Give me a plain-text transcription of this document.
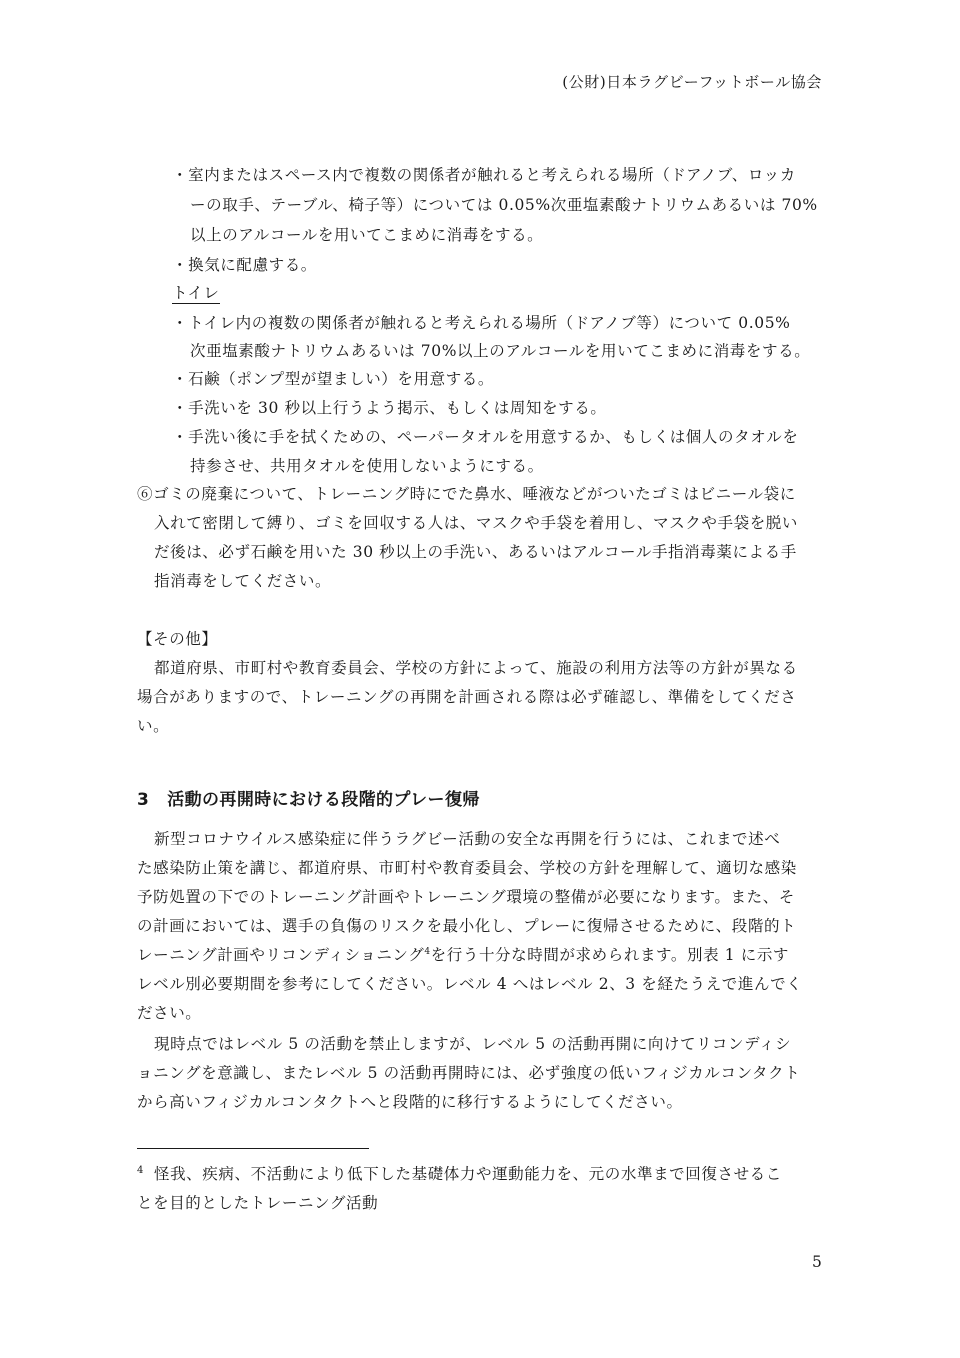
(公財)日本ラグビーフットボール協会
・室内またはスペース内で複数の関係者が触れると考えられる場所（ドアノブ、ロッカ
ーの取手、テーブル、椅子等）については 0.05%次亜塩素酸ナトリウムあるいは 70%
以上のアルコールを用いてこまめに消毒をする。
・換気に配慮する。
トイレ
・トイレ内の複数の関係者が触れると考えられる場所（ドアノブ等）について 0.05%
次亜塩素酸ナトリウムあるいは 70%以上のアルコールを用いてこまめに消毒をする。
・石鹸（ポンプ型が望ましい）を用意する。
・手洗いを 30 秒以上行うよう掲示、もしくは周知をする。
・手洗い後に手を拭くための、ペーパータオルを用意するか、もしくは個人のタオルを
持参させ、共用タオルを使用しないようにする。
⑥ゴミの廃棄について、トレーニング時にでた鼻水、唾液などがついたゴミはビニール袋に
入れて密閉して縛り、ゴミを回収する人は、マスクや手袋を着用し、マスクや手袋を脱い
だ後は、必ず石鹸を用いた 30 秒以上の手洗い、あるいはアルコール手指消毒薬による手
指消毒をしてください。
【その他】
都道府県、市町村や教育委員会、学校の方針によって、施設の利用方法等の方針が異なる
場合がありますので、トレーニングの再開を計画される際は必ず確認し、準備をしてくださ
い。
3 活動の再開時における段階的プレー復帰
新型コロナウイルス感染症に伴うラグビー活動の安全な再開を行うには、これまで述べ
た感染防止策を講じ、都道府県、市町村や教育委員会、学校の方針を理解して、適切な感染
予防処置の下でのトレーニング計画やトレーニング環境の整備が必要になります。また、そ
の計画においては、選手の負傷のリスクを最小化し、プレーに復帰させるために、段階的ト
レーニング計画やリコンディショニング$^4$を行う十分な時間が求められます。別表 1 に示す
レベル別必要期間を参考にしてください。レベル 4 へはレベル 2、3 を経たうえで進んでく
ださい。
現時点ではレベル 5 の活動を禁止しますが、レベル 5 の活動再開に向けてリコンディシ
ョニングを意識し、またレベル 5 の活動再開時には、必ず強度の低いフィジカルコンタクト
から高いフィジカルコンタクトへと段階的に移行するようにしてください。
$^4$ 怪我、疾病、不活動により低下した基礎体力や運動能力を、元の水準まで回復させるこ
とを目的としたトレーニング活動
5
